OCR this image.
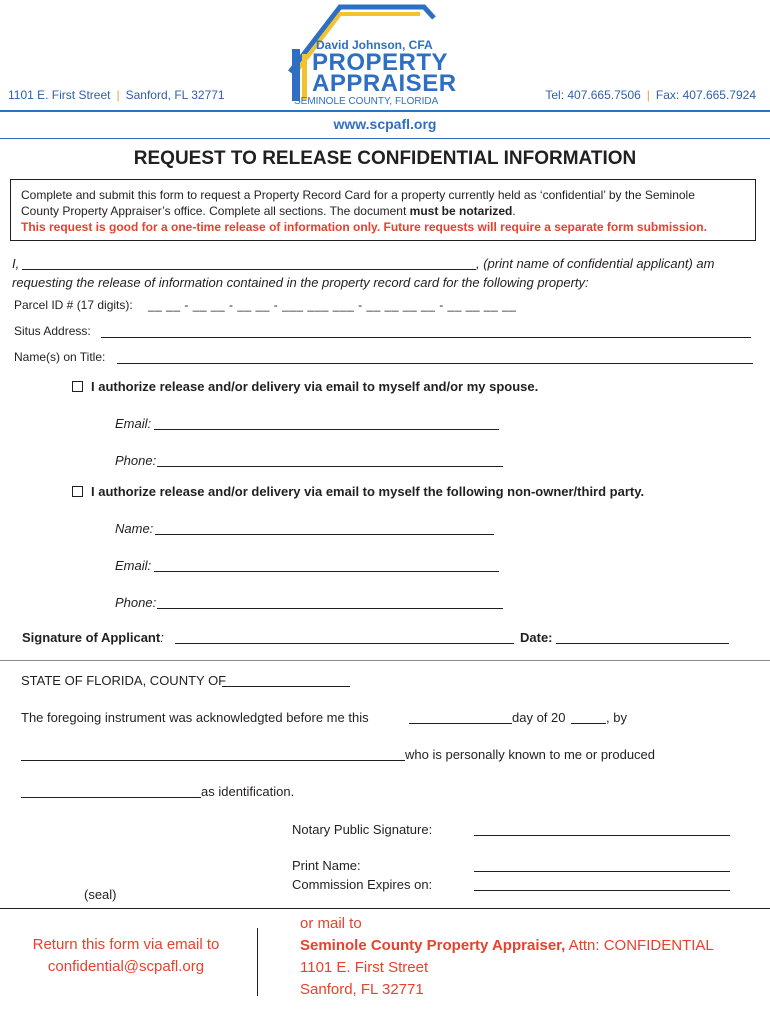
1101 E. First Street | Sanford, FL 32771
David Johnson, CFA
PROPERTY
APPRAISER
SEMINOLE COUNTY, FLORIDA	Tel: 407.665.7506 | Fax: 407.665.7924
www.scpafl.org
REQUEST TO RELEASE CONFIDENTIAL INFORMATION
Complete and submit this form to request a Property Record Card for a property currently held as ‘confidential’ by the Seminole
County Property Appraiser’s office. Complete all sections. The document must be notarized.
This request is good for a one-time release of information only. Future requests will require a separate form submission.
I,	, (print name of confidential applicant) am
requesting the release of information contained in the property record card for the following property:
Parcel ID # (17 digits): __ __ - __ __ - __ __ - ___ ___ ___ - __ __ __ __ - __ __ __ __
Situs Address:
Name(s) on Title:
I authorize release and/or delivery via email to myself and/or my spouse.
Email:
Phone:
I authorize release and/or delivery via email to myself the following non-owner/third party.
Name:
Email:
Phone:
Signature of Applicant:	Date:
STATE OF FLORIDA, COUNTY OF
The foregoing instrument was acknowledgted before me this	day of 20	, by
who is personally known to me or produced
as identification.
Notary Public Signature:
Print Name:
Commission Expires on:
(seal)
Return this form via email to
confidential@scpafl.org
or mail to
Seminole County Property Appraiser, Attn: CONFIDENTIAL
1101 E. First Street
Sanford, FL 32771
